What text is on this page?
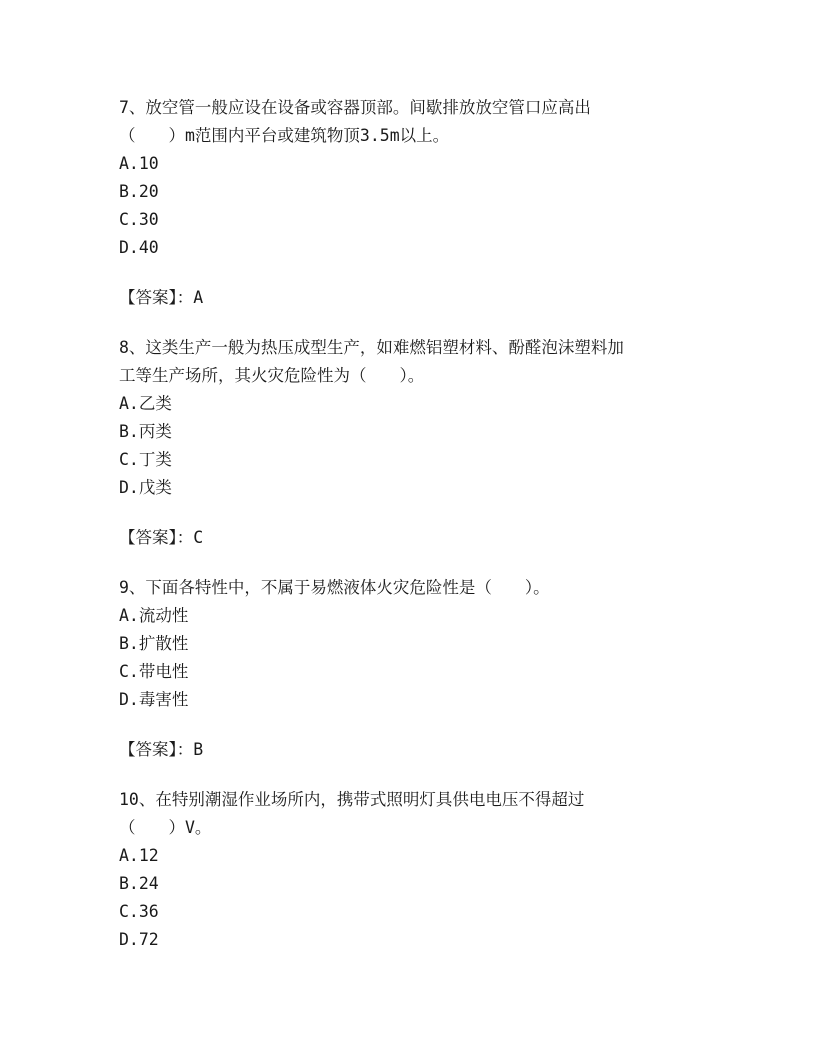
7、放空管一般应设在设备或容器顶部。间歇排放放空管口应高出
（　　）m范围内平台或建筑物顶3.5m以上。
A.10
B.20
C.30
D.40
【答案】：A
8、这类生产一般为热压成型生产，如难燃铝塑材料、酚醛泡沫塑料加
工等生产场所，其火灾危险性为（　　）。
A.乙类
B.丙类
C.丁类
D.戊类
【答案】：C
9、下面各特性中，不属于易燃液体火灾危险性是（　　）。
A.流动性
B.扩散性
C.带电性
D.毒害性
【答案】：B
10、在特别潮湿作业场所内，携带式照明灯具供电电压不得超过
（　　）V。
A.12
B.24
C.36
D.72
